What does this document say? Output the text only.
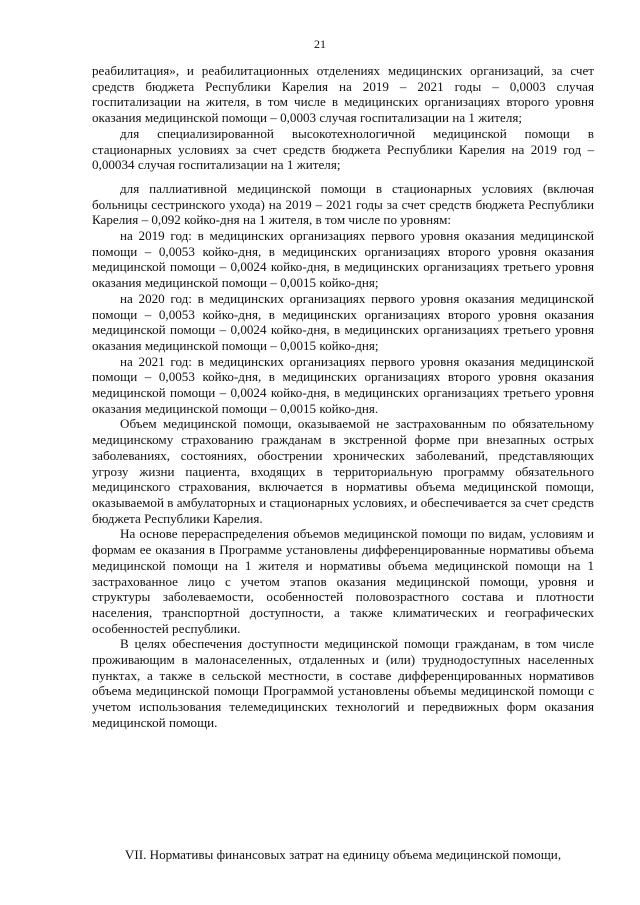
21

реабилитация», и реабилитационных отделениях медицинских организаций, за счет средств бюджета Республики Карелия на 2019 – 2021 годы – 0,0003 случая госпитализации на жителя, в том числе в медицинских организациях второго уровня оказания медицинской помощи – 0,0003 случая госпитализации на 1 жителя;

для специализированной высокотехнологичной медицинской помощи в стационарных условиях за счет средств бюджета Республики Карелия на 2019 год – 0,00034 случая госпитализации на 1 жителя;

для паллиативной медицинской помощи в стационарных условиях (включая больницы сестринского ухода) на 2019 – 2021 годы за счет средств бюджета Республики Карелия – 0,092 койко-дня на 1 жителя, в том числе по уровням:

на 2019 год: в медицинских организациях первого уровня оказания медицинской помощи – 0,0053 койко-дня, в медицинских организациях второго уровня оказания медицинской помощи – 0,0024 койко-дня, в медицинских организациях третьего уровня оказания медицинской помощи – 0,0015 койко-дня;

на 2020 год: в медицинских организациях первого уровня оказания медицинской помощи – 0,0053 койко-дня, в медицинских организациях второго уровня оказания медицинской помощи – 0,0024 койко-дня, в медицинских организациях третьего уровня оказания медицинской помощи – 0,0015 койко-дня;

на 2021 год: в медицинских организациях первого уровня оказания медицинской помощи – 0,0053 койко-дня, в медицинских организациях второго уровня оказания медицинской помощи – 0,0024 койко-дня, в медицинских организациях третьего уровня оказания медицинской помощи – 0,0015 койко-дня.

Объем медицинской помощи, оказываемой не застрахованным по обязательному медицинскому страхованию гражданам в экстренной форме при внезапных острых заболеваниях, состояниях, обострении хронических заболеваний, представляющих угрозу жизни пациента, входящих в территориальную программу обязательного медицинского страхования, включается в нормативы объема медицинской помощи, оказываемой в амбулаторных и стационарных условиях, и обеспечивается за счет средств бюджета Республики Карелия.

На основе перераспределения объемов медицинской помощи по видам, условиям и формам ее оказания в Программе установлены дифференцированные нормативы объема медицинской помощи на 1 жителя и нормативы объема медицинской помощи на 1 застрахованное лицо с учетом этапов оказания медицинской помощи, уровня и структуры заболеваемости, особенностей половозрастного состава и плотности населения, транспортной доступности, а также климатических и географических особенностей республики.

В целях обеспечения доступности медицинской помощи гражданам, в том числе проживающим в малонаселенных, отдаленных и (или) труднодоступных населенных пунктах, а также в сельской местности, в составе дифференцированных нормативов объема медицинской помощи Программой установлены объемы медицинской помощи с учетом использования телемедицинских технологий и передвижных форм оказания медицинской помощи.

VII. Нормативы финансовых затрат на единицу объема медицинской помощи,
